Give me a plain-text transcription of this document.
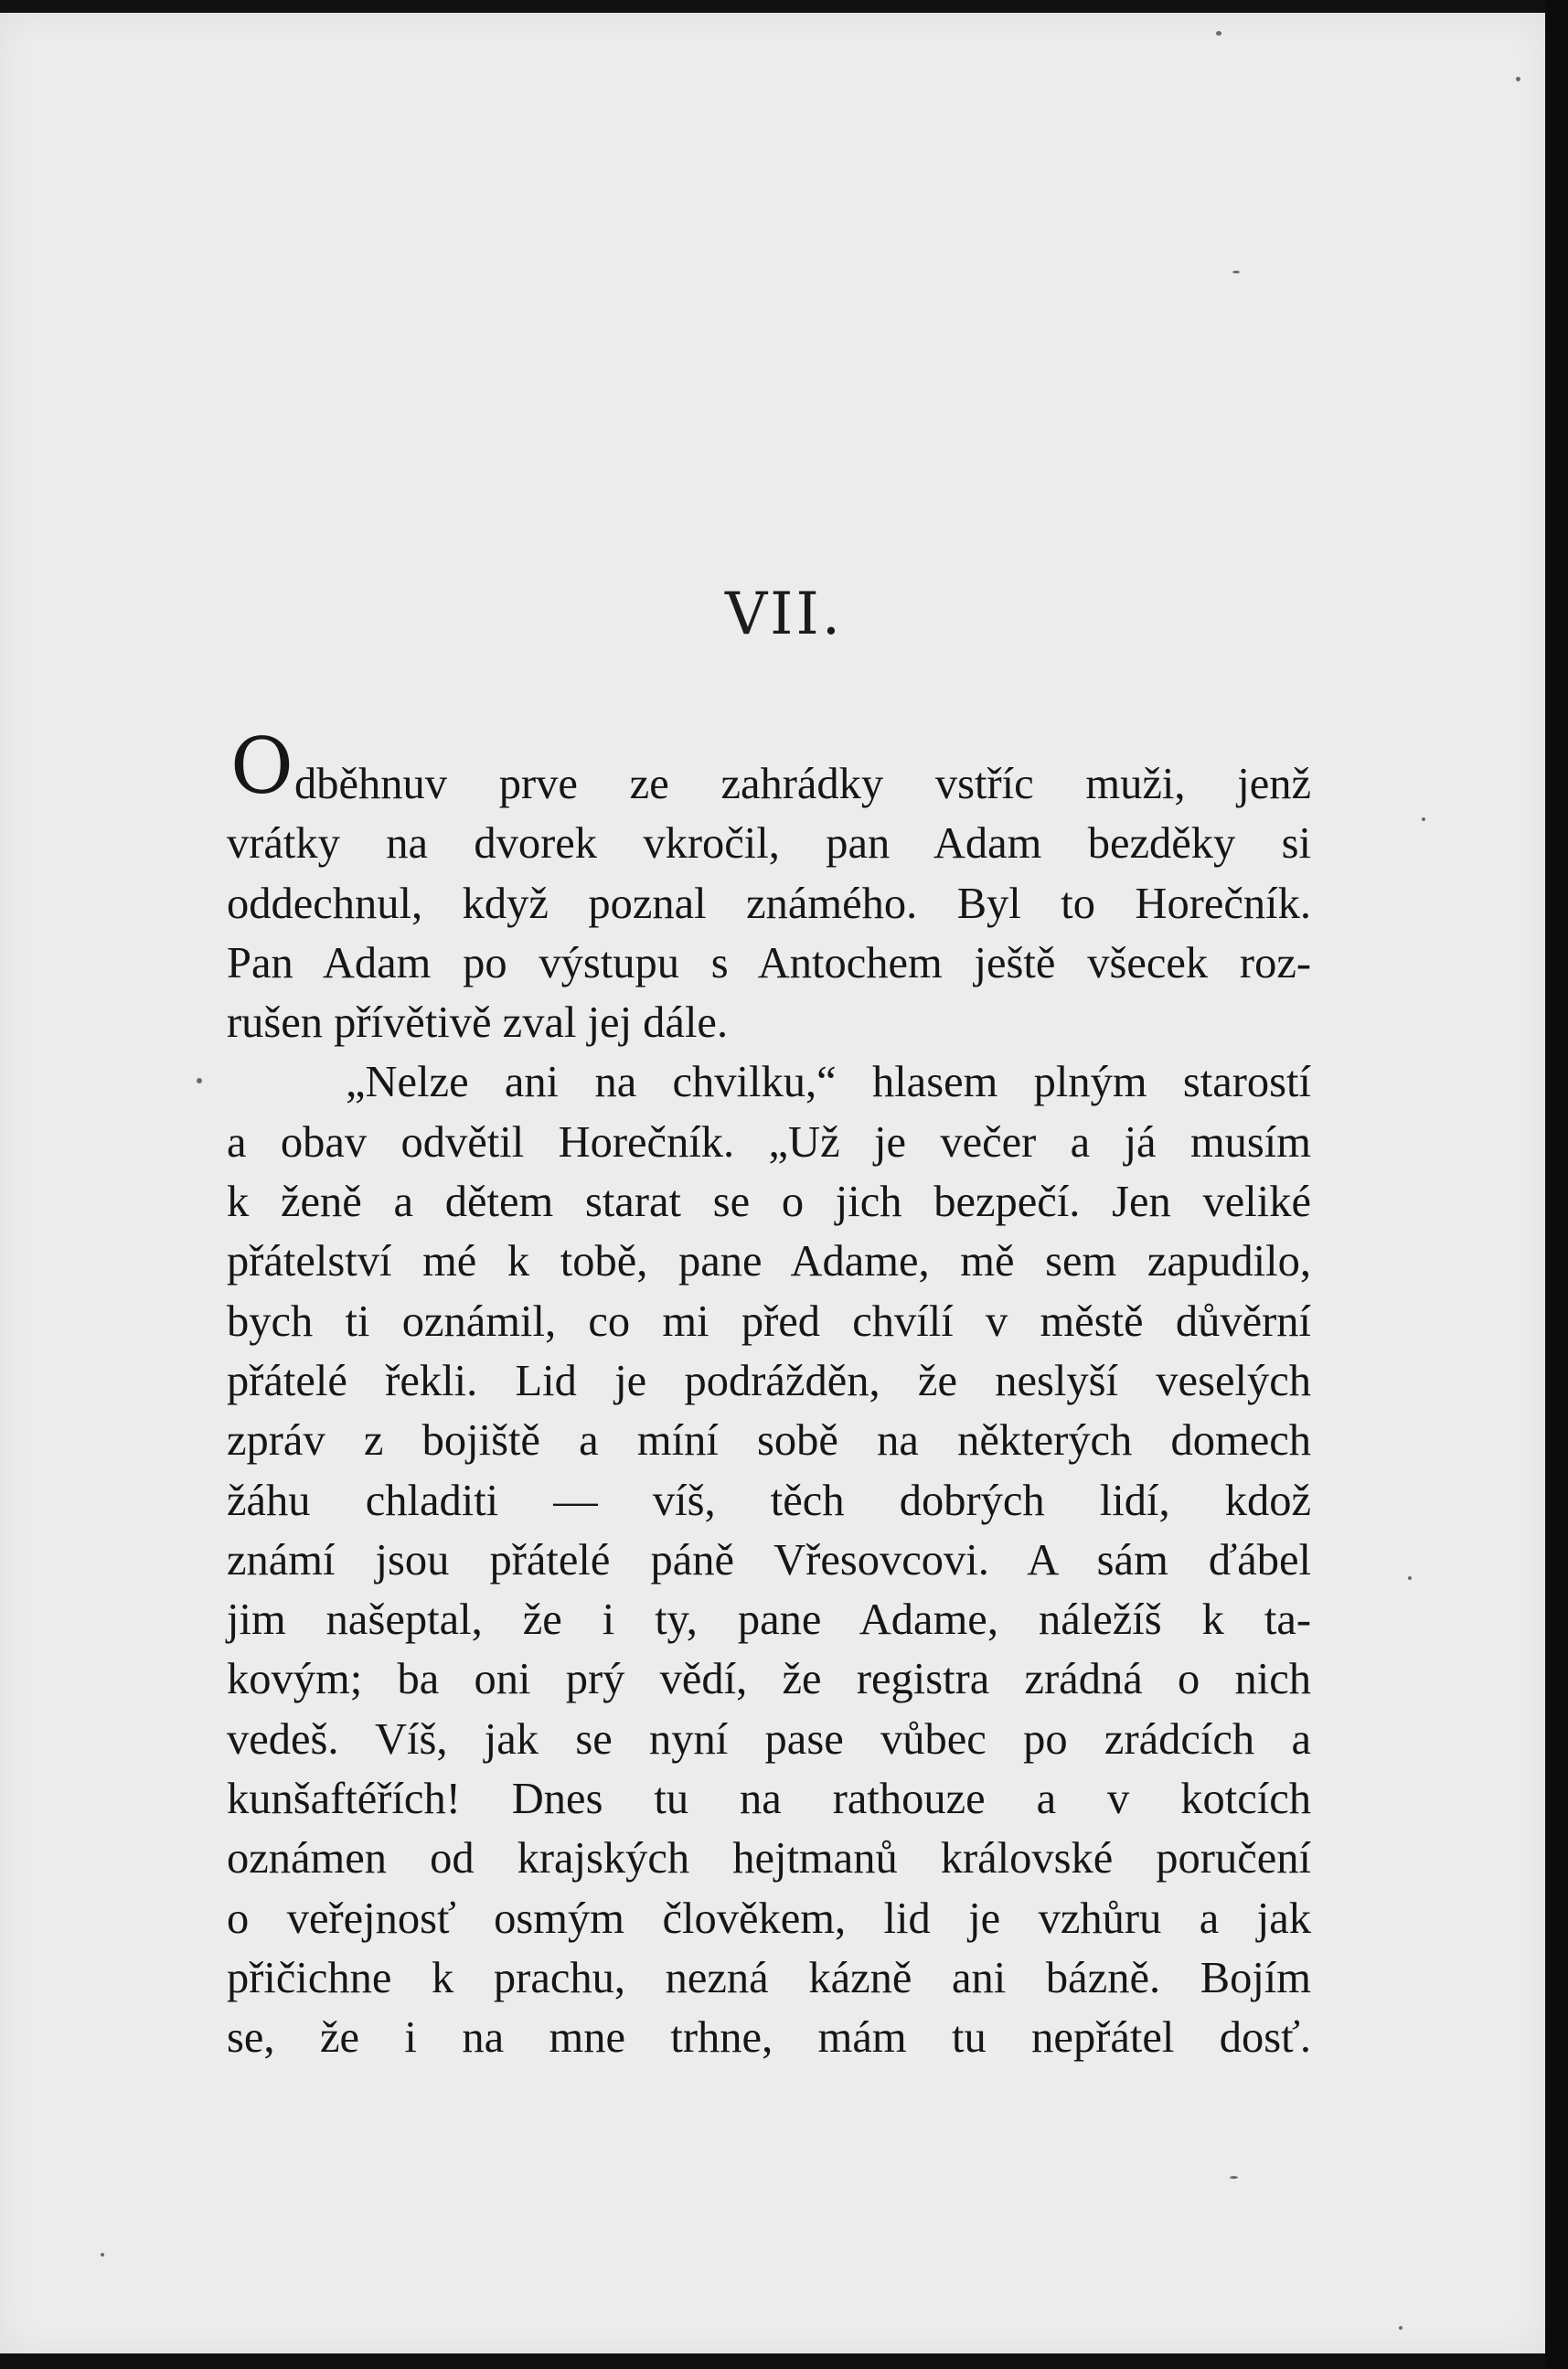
VII.
O dběhnuv prve ze zahrádky vstříc muži, jenž
vrátky na dvorek vkročil, pan Adam bezděky si
oddechnul, když poznal známého. Byl to Horečník.
Pan Adam po výstupu s Antochem ještě všecek roz-
rušen přívětivě zval jej dále.
„Nelze ani na chvilku,“ hlasem plným starostí
a obav odvětil Horečník. „Už je večer a já musím
k ženě a dětem starat se o jich bezpečí. Jen veliké
přátelství mé k tobě, pane Adame, mě sem zapudilo,
bych ti oznámil, co mi před chvílí v městě důvěrní
přátelé řekli. Lid je podrážděn, že neslyší veselých
zpráv z bojiště a míní sobě na některých domech
žáhu chladiti — víš, těch dobrých lidí, kdož
známí jsou přátelé páně Vřesovcovi. A sám ďábel
jim našeptal, že i ty, pane Adame, náležíš k ta-
kovým; ba oni prý vědí, že registra zrádná o nich
vedeš. Víš, jak se nyní pase vůbec po zrádcích a
kunšaftéřích! Dnes tu na rathouze a v kotcích
oznámen od krajských hejtmanů královské poručení
o veřejnosť osmým člověkem, lid je vzhůru a jak
přičichne k prachu, nezná kázně ani bázně. Bojím
se, že i na mne trhne, mám tu nepřátel dosť.
